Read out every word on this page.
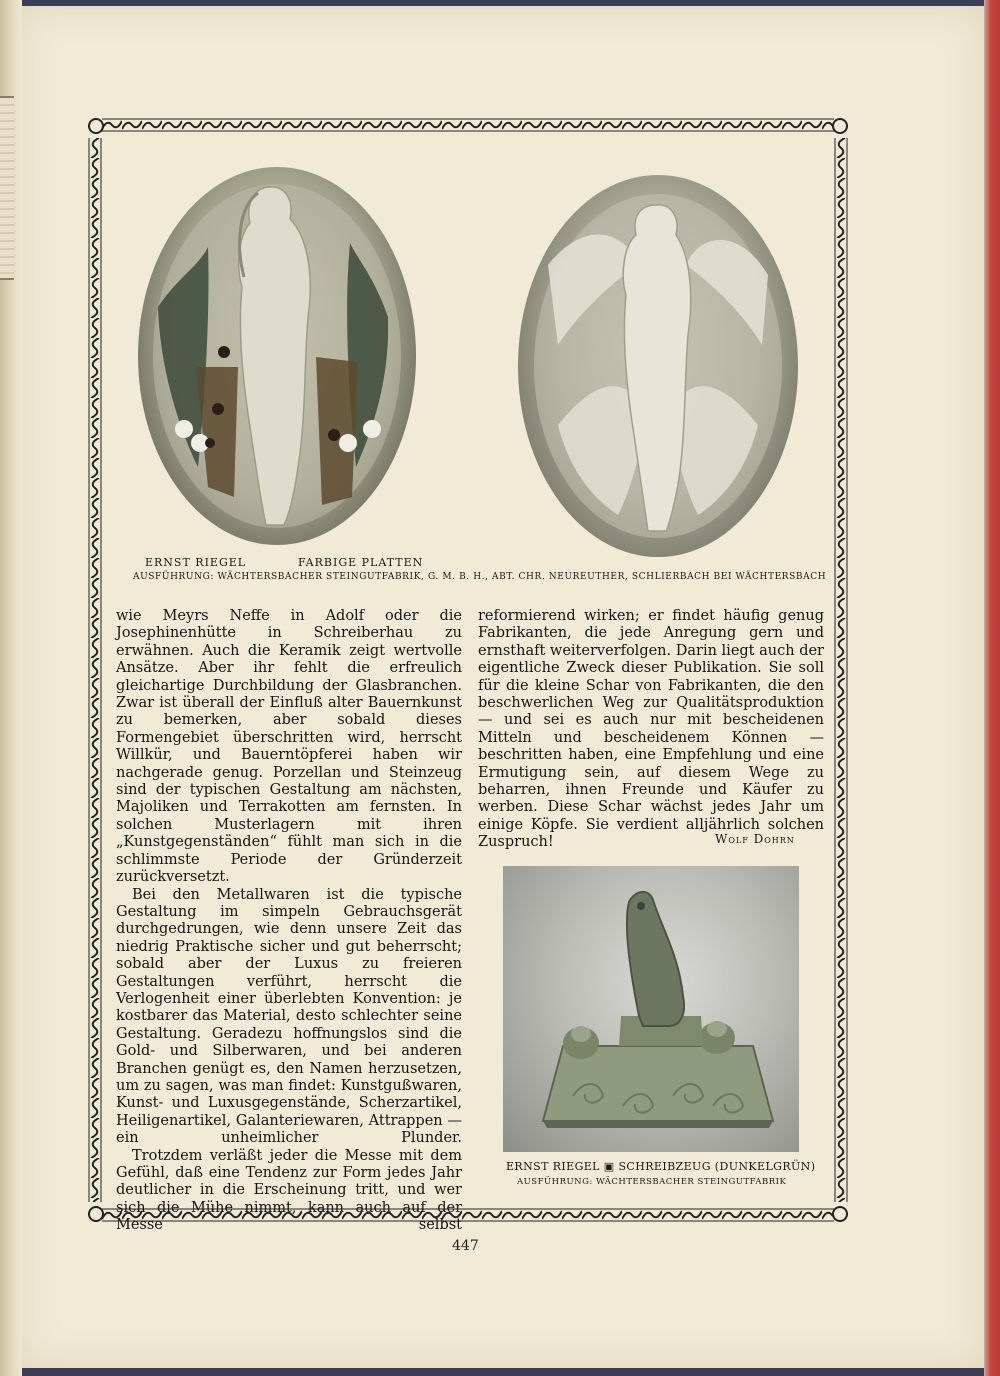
ERNST RIEGEL	FARBIGE PLATTEN
AUSFÜHRUNG: WÄCHTERSBACHER STEINGUTFABRIK, G. M. B. H., ABT. CHR. NEUREUTHER, SCHLIERBACH BEI WÄCHTERSBACH

wie Meyrs Neffe in Adolf oder die Josephinenhütte in Schreiberhau zu erwähnen. Auch die Keramik zeigt wertvolle Ansätze. Aber ihr fehlt die erfreulich gleichartige Durchbildung der Glasbranchen. Zwar ist überall der Einfluß alter Bauernkunst zu bemerken, aber sobald dieses Formengebiet überschritten wird, herrscht Willkür, und Bauerntöpferei haben wir nachgerade genug. Porzellan und Steinzeug sind der typischen Gestaltung am nächsten, Majoliken und Terrakotten am fernsten. In solchen Musterlagern mit ihren „Kunstgegenständen“ fühlt man sich in die schlimmste Periode der Gründerzeit zurückversetzt.

Bei den Metallwaren ist die typische Gestaltung im simpeln Gebrauchsgerät durchgedrungen, wie denn unsere Zeit das niedrig Praktische sicher und gut beherrscht; sobald aber der Luxus zu freieren Gestaltungen verführt, herrscht die Verlogenheit einer überlebten Konvention: je kostbarer das Material, desto schlechter seine Gestaltung. Geradezu hoffnungslos sind die Gold- und Silberwaren, und bei anderen Branchen genügt es, den Namen herzusetzen, um zu sagen, was man findet: Kunstgußwaren, Kunst- und Luxusgegenstände, Scherzartikel, Heiligenartikel, Galanteriewaren, Attrappen — ein unheimlicher Plunder.

Trotzdem verläßt jeder die Messe mit dem Gefühl, daß eine Tendenz zur Form jedes Jahr deutlicher in die Erscheinung tritt, und wer sich die Mühe nimmt, kann auch auf der Messe selbst

reformierend wirken; er findet häufig genug Fabrikanten, die jede Anregung gern und ernsthaft weiterverfolgen. Darin liegt auch der eigentliche Zweck dieser Publikation. Sie soll für die kleine Schar von Fabrikanten, die den beschwerlichen Weg zur Qualitätsproduktion — und sei es auch nur mit bescheidenen Mitteln und bescheidenem Können — beschritten haben, eine Empfehlung und eine Ermutigung sein, auf diesem Wege zu beharren, ihnen Freunde und Käufer zu werben. Diese Schar wächst jedes Jahr um einige Köpfe. Sie verdient alljährlich solchen Zuspruch!	Wolf Dohrn
ERNST RIEGEL ▣ SCHREIBZEUG (DUNKELGRÜN)
AUSFÜHRUNG: WÄCHTERSBACHER STEINGUTFABRIK
447
